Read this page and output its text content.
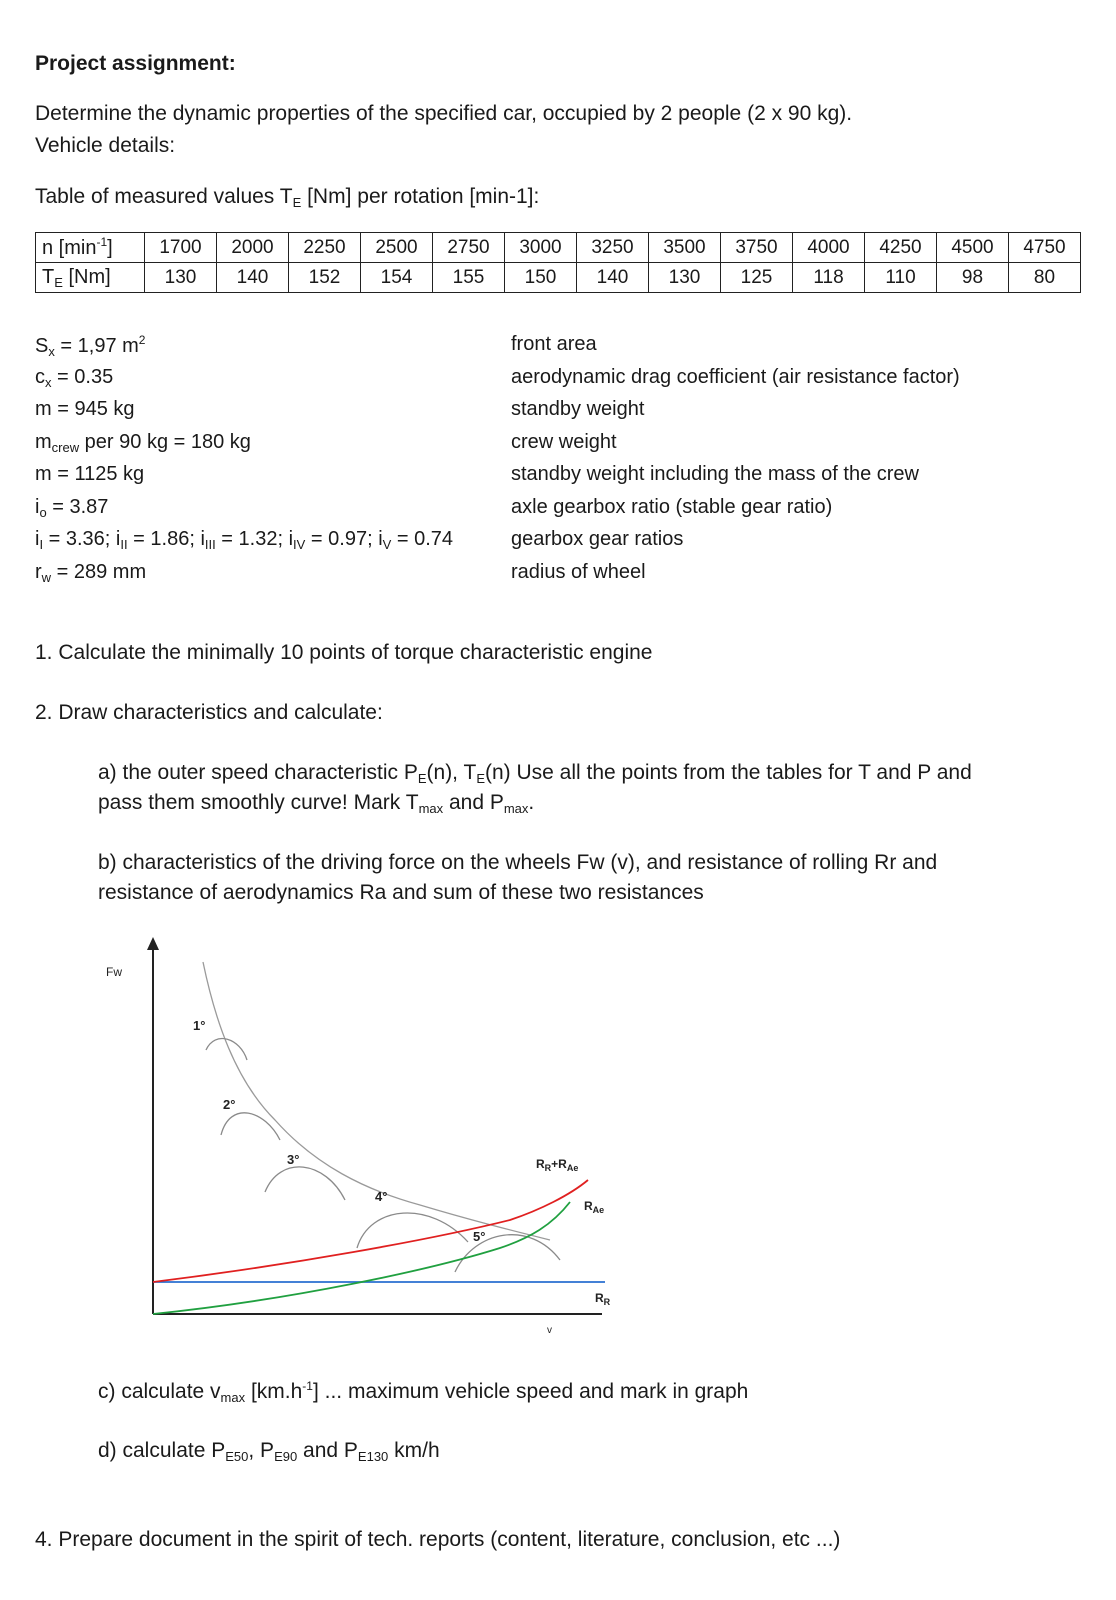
Project assignment:
Determine the dynamic properties of the specified car, occupied by 2 people (2 x 90 kg).
Vehicle details:
Table of measured values $T_E$ [Nm] per rotation [min-1]:
n $[\min^{-1}]$	1700	2000	2250	2500	2750	3000	3250	3500	3750	4000	4250	4500	4750
$T_E$ [Nm]	130	140	152	154	155	150	140	130	125	118	110	98	80
$S_x = 1,97$ $m^2$	front area
$c_x = 0.35$	aerodynamic drag coefficient (air resistance factor)
m = 945 kg	standby weight
$m_{crew}$ per 90 kg = 180 kg	crew weight
m = 1125 kg	standby weight including the mass of the crew
$i_o = 3.87$	axle gearbox ratio (stable gear ratio)
$i_I = 3.36$; $i_{II} = 1.86$; $i_{III} = 1.32$; $i_{IV} = 0.97$; $i_V = 0.74$	gearbox gear ratios
$r_w = 289$ mm	radius of wheel
1. Calculate the minimally 10 points of torque characteristic engine
2. Draw characteristics and calculate:
a) the outer speed characteristic $P_E(n)$, $T_E(n)$ Use all the points from the tables for T and P and
pass them smoothly curve! Mark $T_{max}$ and $P_{max}$.
b) characteristics of the driving force on the wheels Fw (v), and resistance of rolling Rr and
resistance of aerodynamics Ra and sum of these two resistances
Fw
v
1°
2°
3°
4°
5°
$R_R+R_{Ae}$
$R_{Ae}$
$R_R$
c) calculate $v_{max}$ $[km.h^{-1}]$ ... maximum vehicle speed and mark in graph
d) calculate $P_{E50}$, $P_{E90}$ and $P_{E130}$ km/h
4. Prepare document in the spirit of tech. reports (content, literature, conclusion, etc ...)
